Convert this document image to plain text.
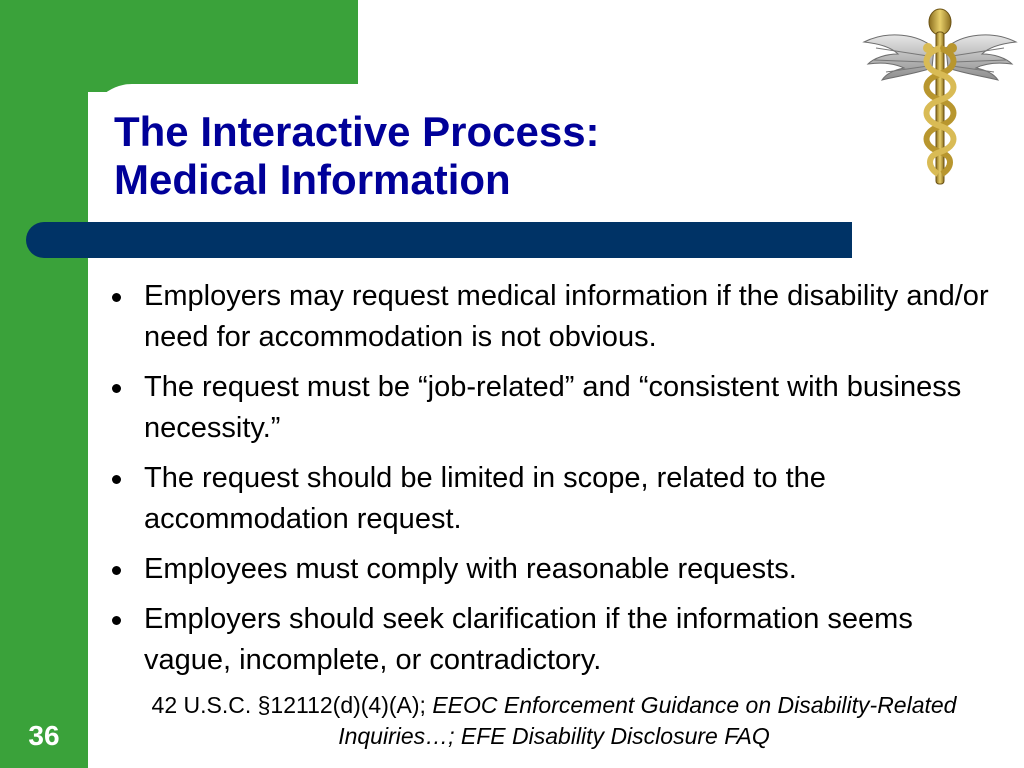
The Interactive Process:
Medical Information
Employers may request medical information if the disability and/or need for accommodation is not obvious.
The request must be “job-related” and “consistent with business necessity.”
The request should be limited in scope, related to the accommodation request.
Employees must comply with reasonable requests.
Employers should seek clarification if the information seems vague, incomplete, or contradictory.

42 U.S.C. §12112(d)(4)(A); EEOC Enforcement Guidance on Disability-Related Inquiries…; EFE Disability Disclosure FAQ

36
